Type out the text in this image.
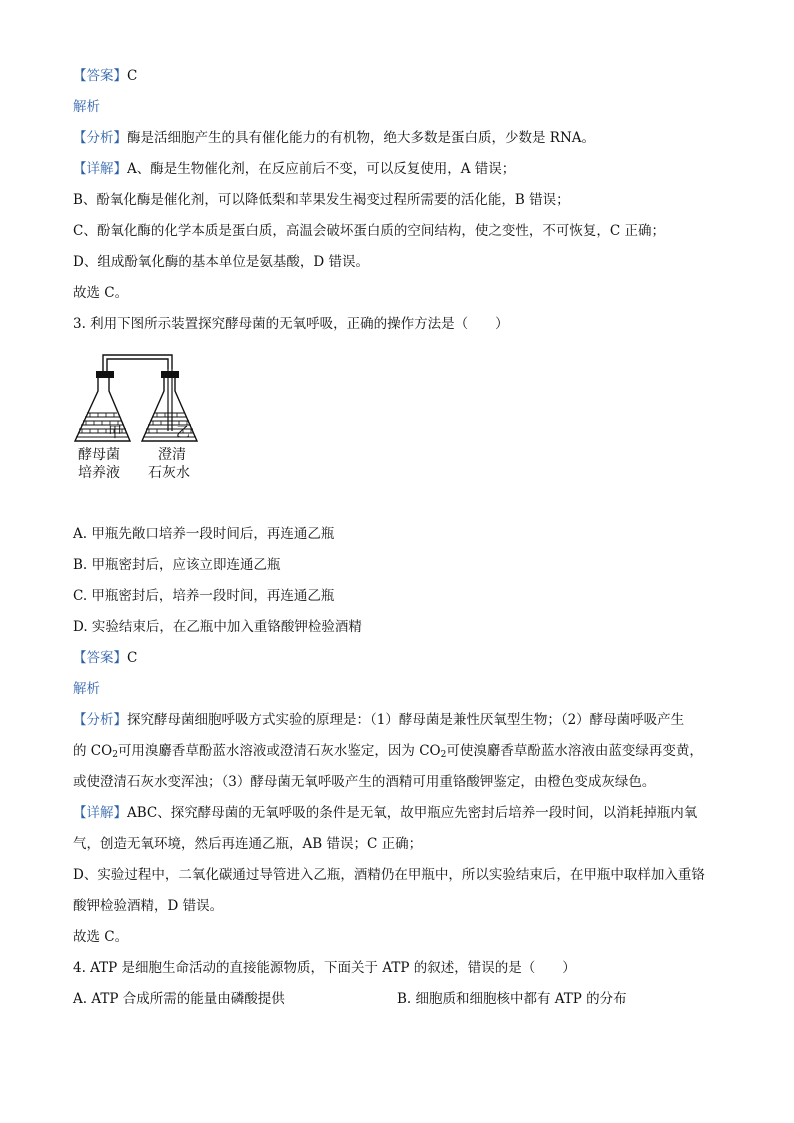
【答案】C
解析
【分析】酶是活细胞产生的具有催化能力的有机物，绝大多数是蛋白质，少数是 RNA。
【详解】A、酶是生物催化剂，在反应前后不变，可以反复使用，A 错误；
B、酚氧化酶是催化剂，可以降低梨和苹果发生褐变过程所需要的活化能，B 错误；
C、酚氧化酶的化学本质是蛋白质，高温会破坏蛋白质的空间结构，使之变性，不可恢复，C 正确；
D、组成酚氧化酶的基本单位是氨基酸，D 错误。
故选 C。
3. 利用下图所示装置探究酵母菌的无氧呼吸，正确的操作方法是（　　）
甲	乙
酵母菌
培养液
澄清
石灰水
A. 甲瓶先敞口培养一段时间后，再连通乙瓶
B. 甲瓶密封后，应该立即连通乙瓶
C. 甲瓶密封后，培养一段时间，再连通乙瓶
D. 实验结束后，在乙瓶中加入重铬酸钾检验酒精
【答案】C
解析
【分析】探究酵母菌细胞呼吸方式实验的原理是：（1）酵母菌是兼性厌氧型生物；（2）酵母菌呼吸产生
的 $CO_2$可用溴麝香草酚蓝水溶液或澄清石灰水鉴定，因为 $CO_2$可使溴麝香草酚蓝水溶液由蓝变绿再变黄，
或使澄清石灰水变浑浊；（3）酵母菌无氧呼吸产生的酒精可用重铬酸钾鉴定，由橙色变成灰绿色。
【详解】ABC、探究酵母菌的无氧呼吸的条件是无氧，故甲瓶应先密封后培养一段时间，以消耗掉瓶内氧
气，创造无氧环境，然后再连通乙瓶，AB 错误；C 正确；
D、实验过程中，二氧化碳通过导管进入乙瓶，酒精仍在甲瓶中，所以实验结束后，在甲瓶中取样加入重铬
酸钾检验酒精，D 错误。
故选 C。
4. ATP 是细胞生命活动的直接能源物质，下面关于 ATP 的叙述，错误的是（　　）
A. ATP 合成所需的能量由磷酸提供	B. 细胞质和细胞核中都有 ATP 的分布
